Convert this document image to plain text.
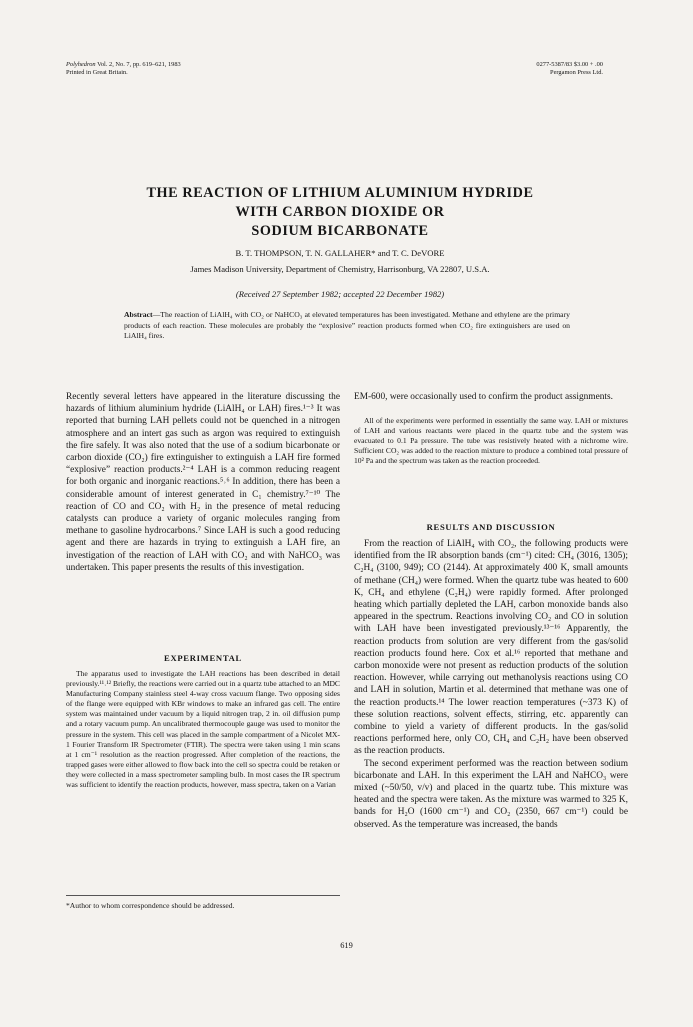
Polyhedron Vol. 2, No. 7, pp. 619–621, 1983
Printed in Great Britain.
0277-5387/83 $3.00 + .00
Pergamon Press Ltd.
THE REACTION OF LITHIUM ALUMINIUM HYDRIDE
WITH CARBON DIOXIDE OR
SODIUM BICARBONATE
B. T. THOMPSON, T. N. GALLAHER* and T. C. DeVORE
James Madison University, Department of Chemistry, Harrisonburg, VA 22807, U.S.A.
(Received 27 September 1982; accepted 22 December 1982)
Abstract—The reaction of LiAlH₄ with CO₂ or NaHCO₃ at elevated temperatures has been investigated. Methane and ethylene are the primary products of each reaction. These molecules are probably the “explosive” reaction products formed when CO₂ fire extinguishers are used on LiAlH₄ fires.

Recently several letters have appeared in the literature discussing the hazards of lithium aluminium hydride (LiAlH₄ or LAH) fires.¹⁻³ It was reported that burning LAH pellets could not be quenched in a nitrogen atmosphere and an intert gas such as argon was required to extinguish the fire safely. It was also noted that the use of a sodium bicarbonate or carbon dioxide (CO₂) fire extinguisher to extinguish a LAH fire formed “explosive” reaction products.²⁻⁴ LAH is a common reducing reagent for both organic and inorganic reactions.⁵˒⁶ In addition, there has been a considerable amount of interest generated in C₁ chemistry.⁷⁻¹⁰ The reaction of CO and CO₂ with H₂ in the presence of metal reducing catalysts can produce a variety of organic molecules ranging from methane to gasoline hydrocarbons.⁷ Since LAH is such a good reducing agent and there are hazards in trying to extinguish a LAH fire, an investigation of the reaction of LAH with CO₂ and with NaHCO₃ was undertaken. This paper presents the results of this investigation.

EXPERIMENTAL

The apparatus used to investigate the LAH reactions has been described in detail previously.¹¹˒¹² Briefly, the reactions were carried out in a quartz tube attached to an MDC Manufacturing Company stainless steel 4-way cross vacuum flange. Two opposing sides of the flange were equipped with KBr windows to make an infrared gas cell. The entire system was maintained under vacuum by a liquid nitrogen trap, 2 in. oil diffusion pump and a rotary vacuum pump. An uncalibrated thermocouple gauge was used to monitor the pressure in the system. This cell was placed in the sample compartment of a Nicolet MX-1 Fourier Transform IR Spectrometer (FTIR). The spectra were taken using 1 min scans at 1 cm⁻¹ resolution as the reaction progressed. After completion of the reactions, the trapped gases were either allowed to flow back into the cell so spectra could be retaken or they were collected in a mass spectrometer sampling bulb. In most cases the IR spectrum was sufficient to identify the reaction products, however, mass spectra, taken on a Varian

*Author to whom correspondence should be addressed.

EM-600, were occasionally used to confirm the product assignments.

All of the experiments were performed in essentially the same way. LAH or mixtures of LAH and various reactants were placed in the quartz tube and the system was evacuated to 0.1 Pa pressure. The tube was resistively heated with a nichrome wire. Sufficient CO₂ was added to the reaction mixture to produce a combined total pressure of 10² Pa and the spectrum was taken as the reaction proceeded.

RESULTS AND DISCUSSION

From the reaction of LiAlH₄ with CO₂, the following products were identified from the IR absorption bands (cm⁻¹) cited: CH₄ (3016, 1305); C₂H₄ (3100, 949); CO (2144). At approximately 400 K, small amounts of methane (CH₄) were formed. When the quartz tube was heated to 600 K, CH₄ and ethylene (C₂H₄) were rapidly formed. After prolonged heating which partially depleted the LAH, carbon monoxide bands also appeared in the spectrum. Reactions involving CO₂ and CO in solution with LAH have been investigated previously.¹³⁻¹⁶ Apparently, the reaction products from solution are very different from the gas/solid reaction products found here. Cox et al.¹⁶ reported that methane and carbon monoxide were not present as reduction products of the solution reaction. However, while carrying out methanolysis reactions using CO and LAH in solution, Martin et al. determined that methane was one of the reaction products.¹⁴ The lower reaction temperatures (~373 K) of these solution reactions, solvent effects, stirring, etc. apparently can combine to yield a variety of different products. In the gas/solid reactions performed here, only CO, CH₄ and C₂H₂ have been observed as the reaction products.

The second experiment performed was the reaction between sodium bicarbonate and LAH. In this experiment the LAH and NaHCO₃ were mixed (~50/50, v/v) and placed in the quartz tube. This mixture was heated and the spectra were taken. As the mixture was warmed to 325 K, bands for H₂O (1600 cm⁻¹) and CO₂ (2350, 667 cm⁻¹) could be observed. As the temperature was increased, the bands

619
